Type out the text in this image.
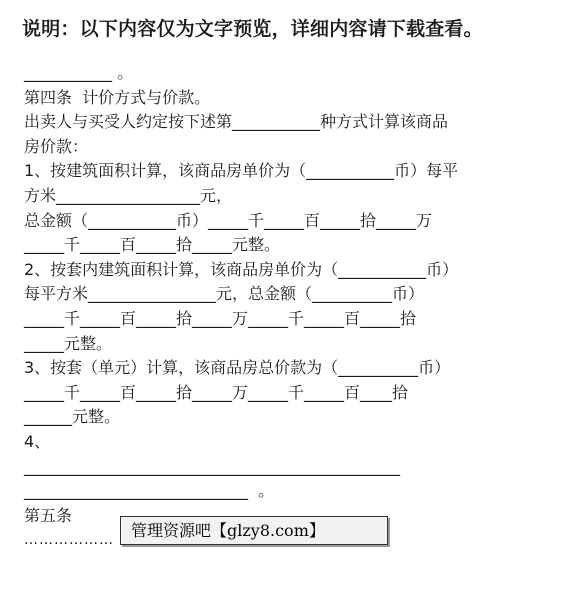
说明：以下内容仅为文字预览，详细内容请下载查看。
___________ 。
第四条  计价方式与价款。
出卖人与买受人约定按下述第___________种方式计算该商品
房价款：
1、按建筑面积计算，该商品房单价为（___________币）每平
方米__________________元，
总金额（___________币）_____千_____百_____拾_____万
_____千_____百_____拾_____元整。
2、按套内建筑面积计算，该商品房单价为（___________币）
每平方米________________元，总金额（__________币）
_____千_____百_____拾_____万_____千_____百_____拾
_____元整。
3、按套（单元）计算，该商品房总价款为（__________币）
_____千_____百_____拾_____万_____千_____百____拾
______元整。
4、
_______________________________________________
____________________________  。
第五条
………………	管理资源吧【glzy8.com】
